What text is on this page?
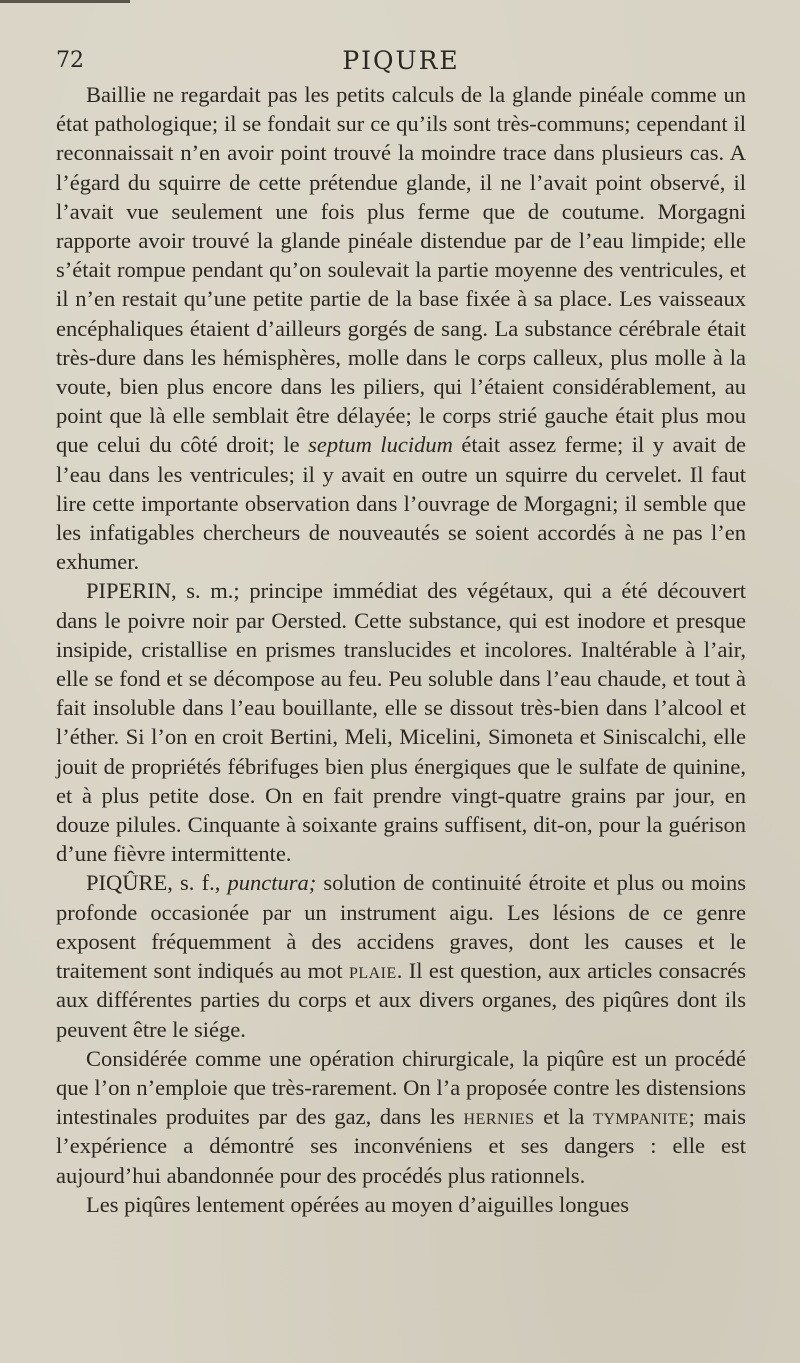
72	PIQURE

Baillie ne regardait pas les petits calculs de la glande pinéale comme un état pathologique; il se fondait sur ce qu’ils sont très-communs; cependant il reconnaissait n’en avoir point trouvé la moindre trace dans plusieurs cas. A l’égard du squirre de cette prétendue glande, il ne l’avait point observé, il l’avait vue seulement une fois plus ferme que de coutume. Morgagni rapporte avoir trouvé la glande pinéale distendue par de l’eau limpide; elle s’était rompue pendant qu’on soulevait la partie moyenne des ventricules, et il n’en restait qu’une petite partie de la base fixée à sa place. Les vaisseaux encéphaliques étaient d’ailleurs gorgés de sang. La substance cérébrale était très-dure dans les hémisphères, molle dans le corps calleux, plus molle à la voute, bien plus encore dans les piliers, qui l’étaient considérablement, au point que là elle semblait être délayée; le corps strié gauche était plus mou que celui du côté droit; le septum lucidum était assez ferme; il y avait de l’eau dans les ventricules; il y avait en outre un squirre du cervelet. Il faut lire cette importante observation dans l’ouvrage de Morgagni; il semble que les infatigables chercheurs de nouveautés se soient accordés à ne pas l’en exhumer.

PIPERIN, s. m.; principe immédiat des végétaux, qui a été découvert dans le poivre noir par Oersted. Cette substance, qui est inodore et presque insipide, cristallise en prismes translucides et incolores. Inaltérable à l’air, elle se fond et se décompose au feu. Peu soluble dans l’eau chaude, et tout à fait insoluble dans l’eau bouillante, elle se dissout très-bien dans l’alcool et l’éther. Si l’on en croit Bertini, Meli, Micelini, Simoneta et Siniscalchi, elle jouit de propriétés fébrifuges bien plus énergiques que le sulfate de quinine, et à plus petite dose. On en fait prendre vingt-quatre grains par jour, en douze pilules. Cinquante à soixante grains suffisent, dit-on, pour la guérison d’une fièvre intermittente.

PIQÛRE, s. f., punctura; solution de continuité étroite et plus ou moins profonde occasionée par un instrument aigu. Les lésions de ce genre exposent fréquemment à des accidens graves, dont les causes et le traitement sont indiqués au mot plaie. Il est question, aux articles consacrés aux différentes parties du corps et aux divers organes, des piqûres dont ils peuvent être le siége.

Considérée comme une opération chirurgicale, la piqûre est un procédé que l’on n’emploie que très-rarement. On l’a proposée contre les distensions intestinales produites par des gaz, dans les hernies et la tympanite; mais l’expérience a démontré ses inconvéniens et ses dangers : elle est aujourd’hui abandonnée pour des procédés plus rationnels.

Les piqûres lentement opérées au moyen d’aiguilles longues
